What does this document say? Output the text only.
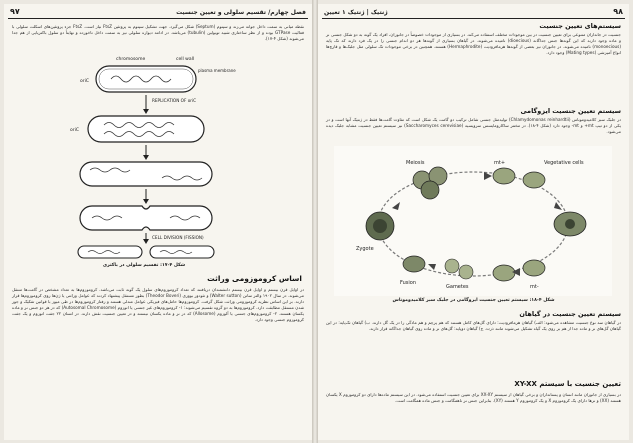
۹۷	فصل چهارم/ تقسیم سلولی و تعیین جنسیت
نقطه میانی به سمت داخل جوانه می‌زند و سپتوم (Septum) شکل می‌گیرد. جهت تشکیل سپتوم به پروتئین FtsZ نیاز است. FtsZ جزء پروتئین‌های اسکلت سلولی با فعالیت GTPase بوده و از نظر ساختاری شبیه توبولین (tubulin) می‌باشد. در ادامه دیواره سلولی نیز به سمت داخل تاخورده و نهایتاً دو سلول باکتریایی از هم جدا می‌شوند (شکل ۴-۱۷).
chromosome	cell wall
plasma membrane
oriC
REPLICATION OF oriC
oriC
CELL DIVISION (FISSION)
شکل ۴-۱۷: تقسیم سلولی در باکتری
اساس کروموزومی وراثت
در اوایل قرن بیستم و اوایل قرن بیستم دانشمندان دریافتند که تعداد کروموزوم‌های سلول یک گونه ثابت می‌باشد. کروموزوم‌ها به تعداد مشخص در گامت‌ها منتقل می‌شوند. در سال ۱۹۰۲ والتر ساتن (Walter sutton) و تئودور بووری (Theodor Boveri) بطور مستقل پیشنهاد کردند که عوامل وراثتی یا ژن‌ها روی کروموزوم‌ها قرار دارند. بر این اساس نظریه کروموزومی وراثت شکل گرفت. کروموزوم‌ها حامل‌های فیزیکی عوامل مندلی هستند و رفتار کروموزوم‌ها در طی میوز با قوانین تفکیک و جور شدن مستقل مطابقت دارد. کروموزوم‌ها به دو گروه تقسیم می‌شوند: ۱- کروموزوم‌های غیر جنسی یا اتوزوم (Autosomal Chromosome) که در هر دو جنس نر و ماده یکسان هستند. ۲- کروموزوم‌های جنسی یا آلوزوم (Allosome) که در نر و ماده یکسان نیستند و در تعیین جنسیت نقش دارند. در انسان ۲۲ جفت اتوزوم و یک جفت کروموزوم جنسی وجود دارد.
ژنتیک | ژنتیک ۱ تعیین	۹۸
سیستم‌های تعیین جنسیت
جنسیت در جانداران متنوعی برای تعیین جنسیت در بین موجودات مختلف استفاده می‌کند. در بسیاری از موجودات خصوصاً در جانوران، افراد یک گونه به دو شکل جنسی نر و ماده وجود دارند که این گونه‌ها جنس جداگانه (dioecious) نامیده می‌شوند. در گیاهان بسیاری از گونه‌ها هر دو اندام جنسی را در یک فرد دارند که تک پایه (monoecious) نامیده می‌شوند. در جانوران نیز بعضی از گونه‌ها هرمافرودیت (Hermaphrodite) هستند. همچنین در برخی موجودات تک سلولی مثل جلبک‌ها و قارچ‌ها انواع آمیزشی (Mating types) وجود دارد.
سیستم تعیین جنسیت ایزوگامی
در جلبک سبز کلامیدوموناس (Chlamydomonas reinhardtii) تولیدمثل جنسی شامل ترکیب دو گامت یک شکل است که تفاوت گامت‌ها فقط در ژنتیک آنها است و در یکی از دو تیپ mt+ و mt- وجود دارد (شکل ۴-۱۸). در مخمر ساکارومایسس سرویسیه (Saccharomyces cerevisiae) نیز سیستم تعیین جنسیت مشابه جلبک دیده می‌شود.
Zygote
Meiosis	Vegetative cells
mt+
mt-
Gametes
Fusion
شکل ۴-۱۸: سیستم تعیین جنسیت ایزوگامی در جلبک سبز کلامیدوموناس
سیستم تعیین جنسیت در گیاهان
در گیاهان سه نوع جنسیت مشاهده می‌شود: الف) گیاهان هرمافرودیت: دارای گل‌های کامل هستند که هم پرچم و هم مادگی را در یک گل دارند. ب) گیاهان تک‌پایه: در این گیاهان گل‌های نر و ماده جدا از هم بر روی یک گیاه تشکیل می‌شوند مانند ذرت. ج) گیاهان دوپایه: گل‌های نر و ماده روی گیاهان جداگانه قرار دارند.
تعیین جنسیت با سیستم XY-XX
در بسیاری از جانوران مانند انسان و پستانداران و برخی گیاهان از سیستم XX-XY برای تعیین جنسیت استفاده می‌شود. در این سیستم ماده‌ها دارای دو کروموزوم X یکسان هستند (XX) و نرها دارای یک کروموزوم X و یک کروموزوم Y هستند (XY). بنابراین جنس نر ناهمگامت و جنس ماده همگامت است.
